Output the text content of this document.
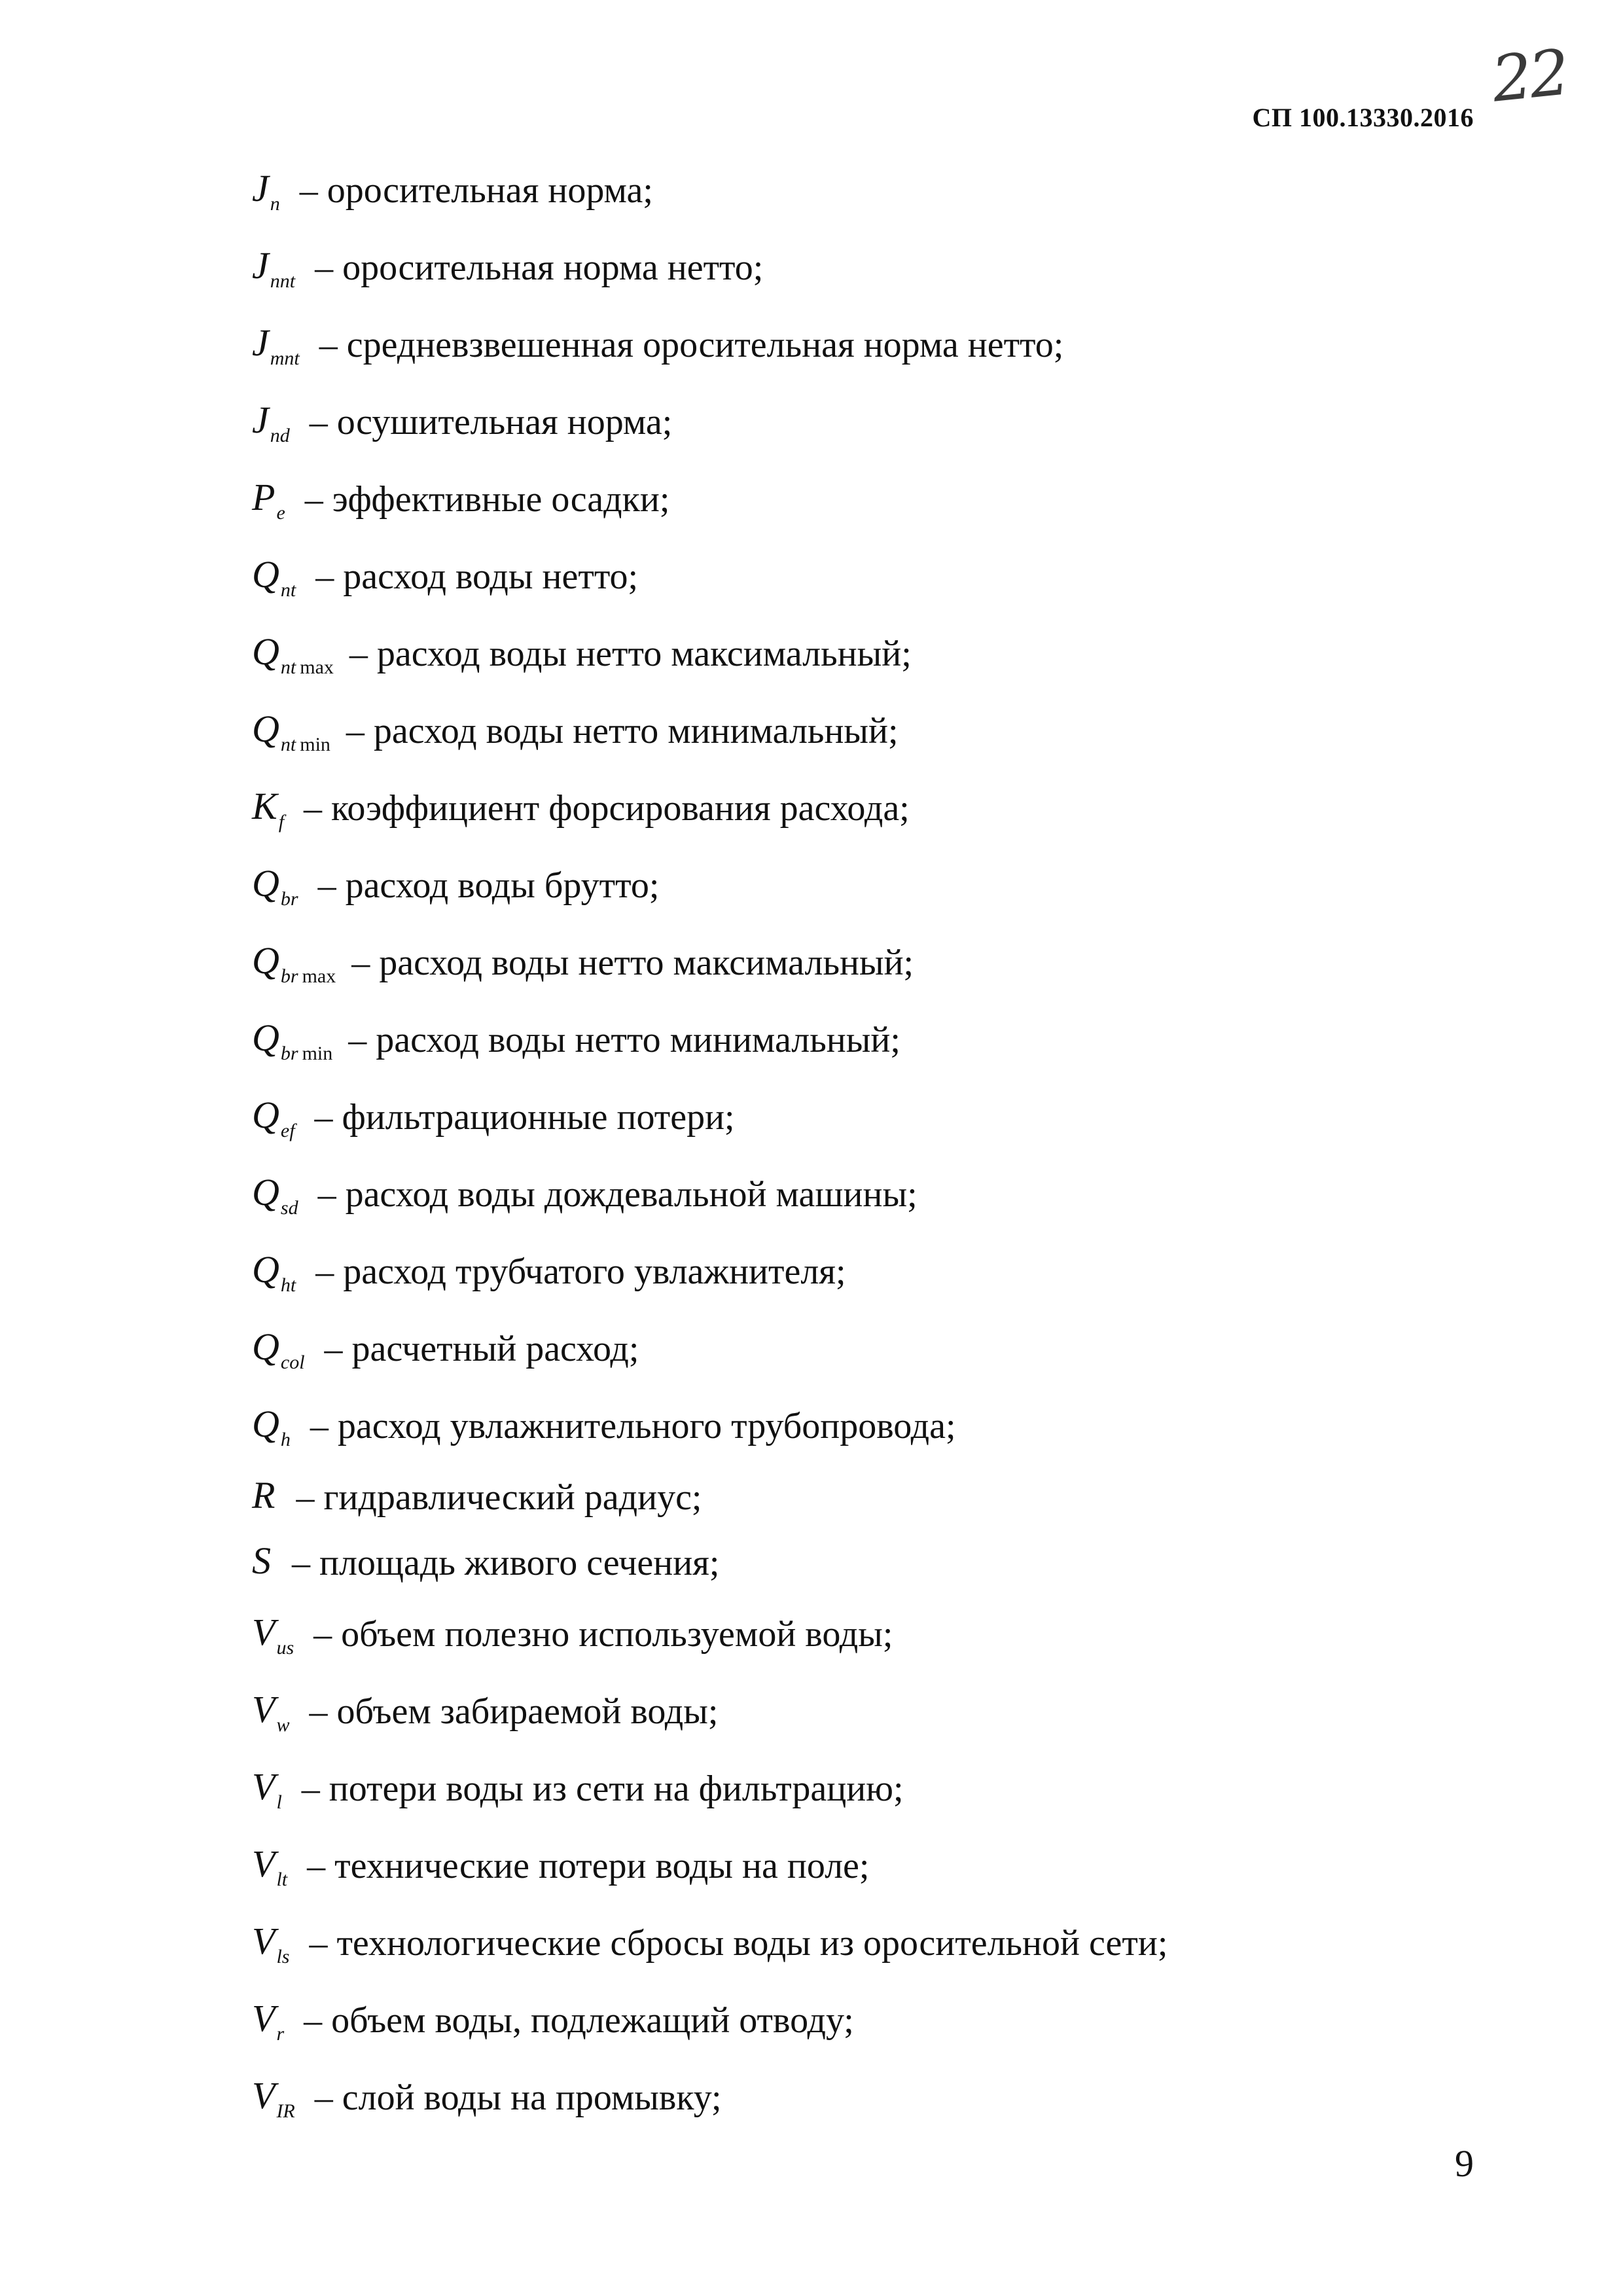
22
СП 100.13330.2016
$J_n$ – оросительная норма;
$J_{nnt}$ – оросительная норма нетто;
$J_{mnt}$ – средневзвешенная оросительная норма нетто;
$J_{nd}$ – осушительная норма;
$P_e$ – эффективные осадки;
$Q_{nt}$ – расход воды нетто;
$Q_{nt}$ $_{max}$ – расход воды нетто максимальный;
$Q_{nt}$ $_{min}$ – расход воды нетто минимальный;
$K_f$ – коэффициент форсирования расхода;
$Q_{br}$ – расход воды брутто;
$Q_{br}$ $_{max}$ – расход воды нетто максимальный;
$Q_{br}$ $_{min}$ – расход воды нетто минимальный;
$Q_{ef}$ – фильтрационные потери;
$Q_{sd}$ – расход воды дождевальной машины;
$Q_{ht}$ – расход трубчатого увлажнителя;
$Q_{col}$ – расчетный расход;
$Q_h$ – расход увлажнительного трубопровода;
R – гидравлический радиус;
S – площадь живого сечения;
$V_{us}$ – объем полезно используемой воды;
$V_w$ – объем забираемой воды;
$V_l$ – потери воды из сети на фильтрацию;
$V_{lt}$ – технические потери воды на поле;
$V_{ls}$ – технологические сбросы воды из оросительной сети;
$V_r$ – объем воды, подлежащий отводу;
$V_{IR}$ – слой воды на промывку;
9
